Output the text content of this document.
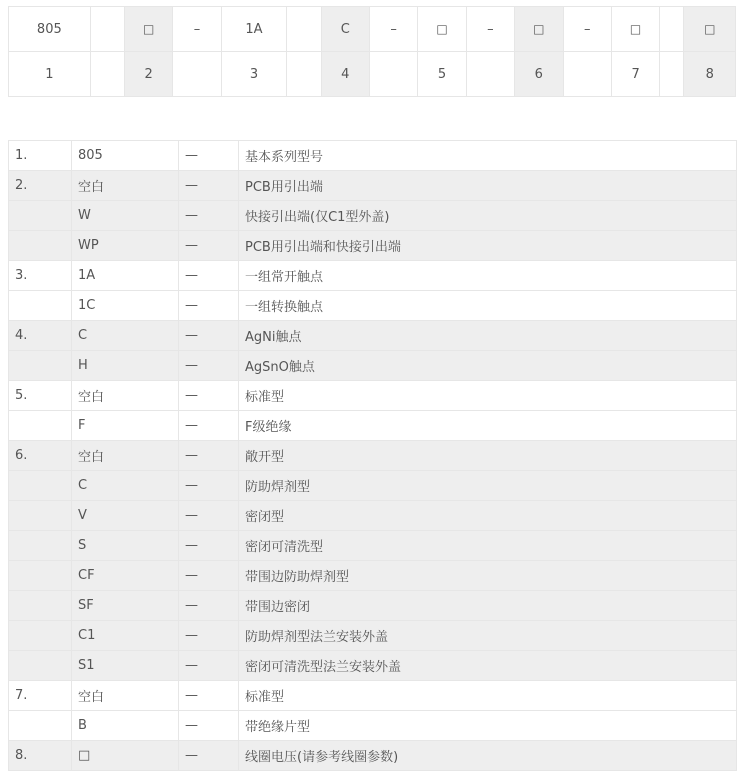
805		□	–	1A		C	–	□	–	□	–	□		□
1		2		3		4		5		6		7		8
1.	805	—	基本系列型号
2.	空白	—	PCB用引出端
	W	—	快接引出端(仅C1型外盖)
	WP	—	PCB用引出端和快接引出端
3.	1A	—	一组常开触点
	1C	—	一组转换触点
4.	C	—	AgNi触点
	H	—	AgSnO触点
5.	空白	—	标准型
	F	—	F级绝缘
6.	空白	—	敞开型
	C	—	防助焊剂型
	V	—	密闭型
	S	—	密闭可清洗型
	CF	—	带围边防助焊剂型
	SF	—	带围边密闭
	C1	—	防助焊剂型法兰安装外盖
	S1	—	密闭可清洗型法兰安装外盖
7.	空白	—	标准型
	B	—	带绝缘片型
8.	□	—	线圈电压(请参考线圈参数)
